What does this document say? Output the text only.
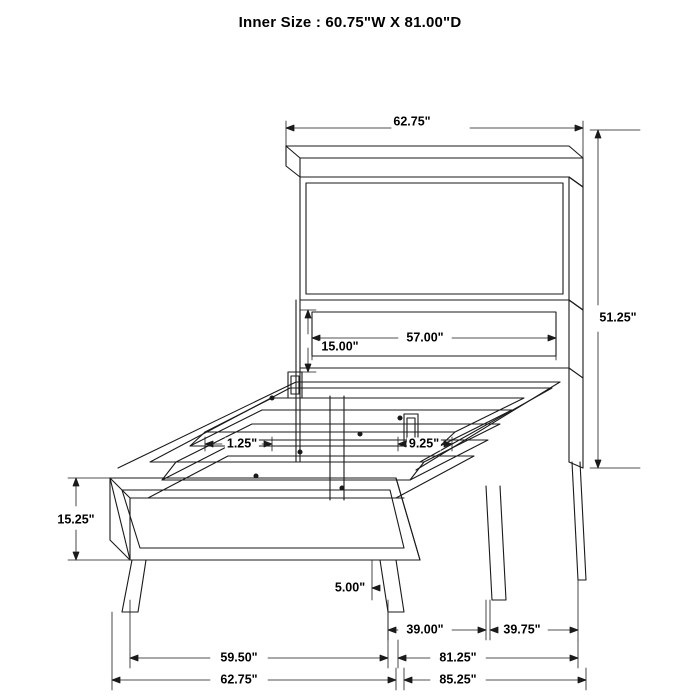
Inner Size : 60.75"W X 81.00"D
62.75"
51.25"
15.00"
57.00"
1.25"	9.25"
15.25"
5.00"
39.00"	39.75"
59.50"	81.25"
62.75"	85.25"
